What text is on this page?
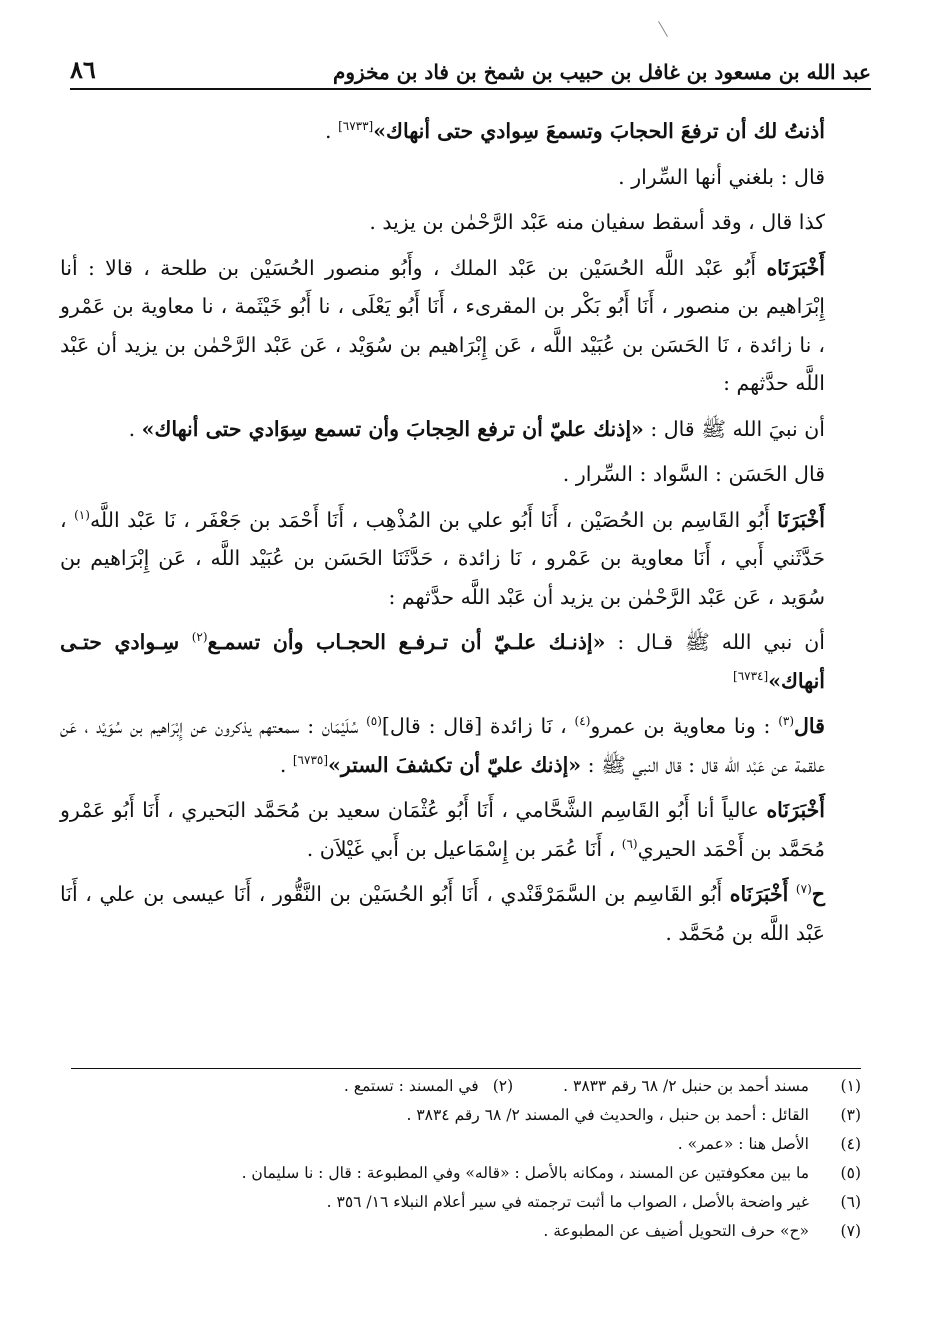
عبد الله بن مسعود بن غافل بن حبيب بن شمخ بن فاد بن مخزوم
٨٦

أذنتُ لك أن ترفعَ الحجابَ وتسمعَ سِوادي حتى أنهاك»[٦٧٣٣] .

قال : بلغني أنها السِّرار .

كذا قال ، وقد أسقط سفيان منه عَبْد الرَّحْمٰن بن يزيد .

أَخْبَرَنَاه أَبُو عَبْد اللَّه الحُسَيْن بن عَبْد الملك ، وأَبُو منصور الحُسَيْن بن طلحة ، قالا : أنا إِبْرَاهيم بن منصور ، أَنَا أَبُو بَكْر بن المقرىء ، أَنَا أَبُو يَعْلَى ، نا أَبُو خَيْثَمة ، نا معاوية بن عَمْرو ، نا زائدة ، نَا الحَسَن بن عُبَيْد اللَّه ، عَن إِبْرَاهيم بن سُوَيْد ، عَن عَبْد الرَّحْمٰن بن يزيد أن عَبْد اللَّه حدَّثهم :

أن نبيَ الله ﷺ قال : «إذنك عليّ أن ترفع الحِجابَ وأن تسمع سِوَادي حتى أنهاك» .

قال الحَسَن : السَّواد : السِّرار .

أَخْبَرَنَا أَبُو القَاسِم بن الحُصَيْن ، أَنَا أَبُو علي بن المُذْهِب ، أَنَا أَحْمَد بن جَعْفَر ، نَا عَبْد اللَّه$^{(١)}$ ، حَدَّثَني أَبي ، أَنَا معاوية بن عَمْرو ، نَا زائدة ، حَدَّثَنَا الحَسَن بن عُبَيْد اللَّه ، عَن إِبْرَاهيم بن سُوَيد ، عَن عَبْد الرَّحْمٰن بن يزيد أن عَبْد اللَّه حدَّثهم :

أن نبي الله ﷺ قـال : «إذنـك علـيّ أن تـرفـع الحجـاب وأن تسمـع$^{(٢)}$ سِـوادي حتـى أنهاك»[٦٧٣٤]

قال$^{(٣)}$ : ونا معاوية بن عمرو$^{(٤)}$ ، نَا زائدة [قال : قال]$^{(٥)}$ سُلَيْمَان : سمعتهم يذكرون عن إِبْرَاهيم بن سُوَيْد ، عَن علقمة عن عَبْد اللّه قال : قال النبي ﷺ : «إذنك عليّ أن تكشفَ الستر»[٦٧٣٥] .

أَخْبَرَنَاه عالياً أنا أَبُو القَاسِم الشَّحَّامي ، أَنَا أَبُو عُثْمَان سعيد بن مُحَمَّد البَحيري ، أَنَا أَبُو عَمْرو مُحَمَّد بن أَحْمَد الحيري$^{(٦)}$ ، أَنَا عُمَر بن إِسْمَاعيل بن أَبي غَيْلاَن .

ح$^{(٧)}$ أَخْبَرَنَاه أَبُو القَاسِم بن السَّمَرْقَنْدي ، أَنَا أَبُو الحُسَيْن بن النَّقُّور ، أَنَا عيسى بن علي ، أَنَا عَبْد اللَّه بن مُحَمَّد .

(١)
مسند أحمد بن حنبل ٢/ ٦٨ رقم ٣٨٣٣ .
(٢)
في المسند : تستمع .
(٣)
القائل : أحمد بن حنبل ، والحديث في المسند ٢/ ٦٨ رقم ٣٨٣٤ .
(٤)
الأصل هنا : «عمر» .
(٥)
ما بين معكوفتين عن المسند ، ومكانه بالأصل : «قاله» وفي المطبوعة : قال : نا سليمان .
(٦)
غير واضحة بالأصل ، الصواب ما أثبت ترجمته في سير أعلام النبلاء ١٦/ ٣٥٦ .
(٧)
«ح» حرف التحويل أضيف عن المطبوعة .
